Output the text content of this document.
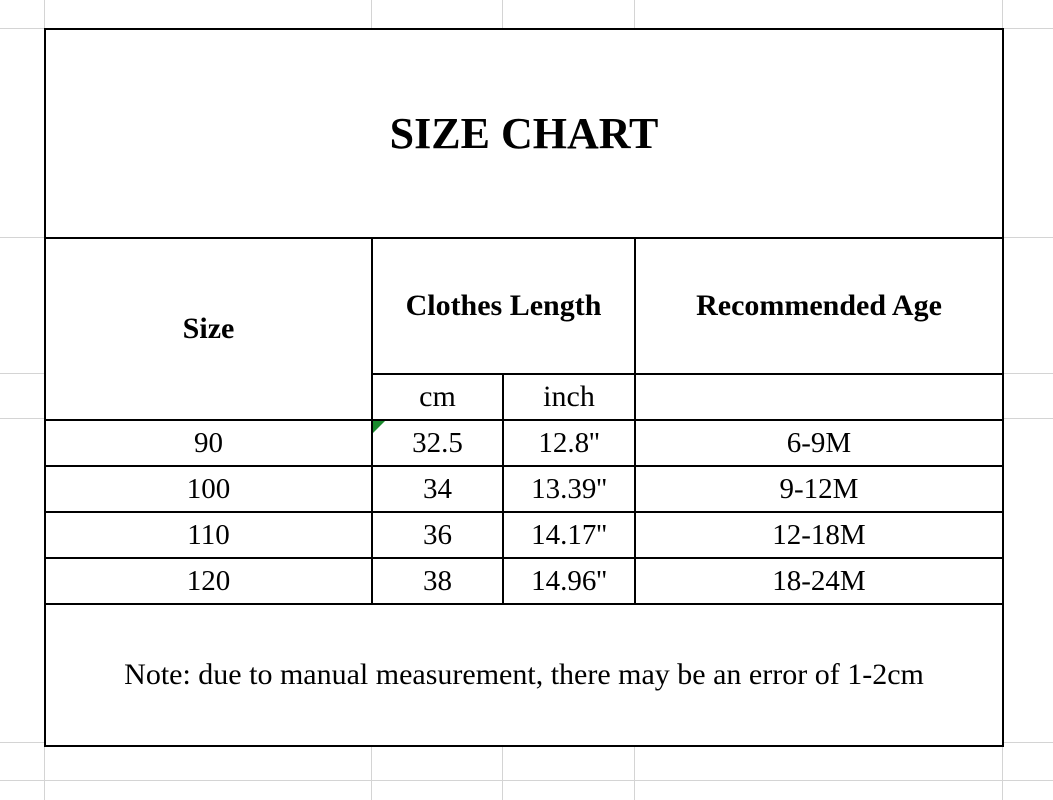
SIZE CHART			
Size	Clothes Length		Recommended Age
	cm	inch	
90	32.5	12.8''	6-9M
100	34	13.39''	9-12M
110	36	14.17''	12-18M
120	38	14.96''	18-24M
Note: due to manual measurement, there may be an error of 1-2cm			
